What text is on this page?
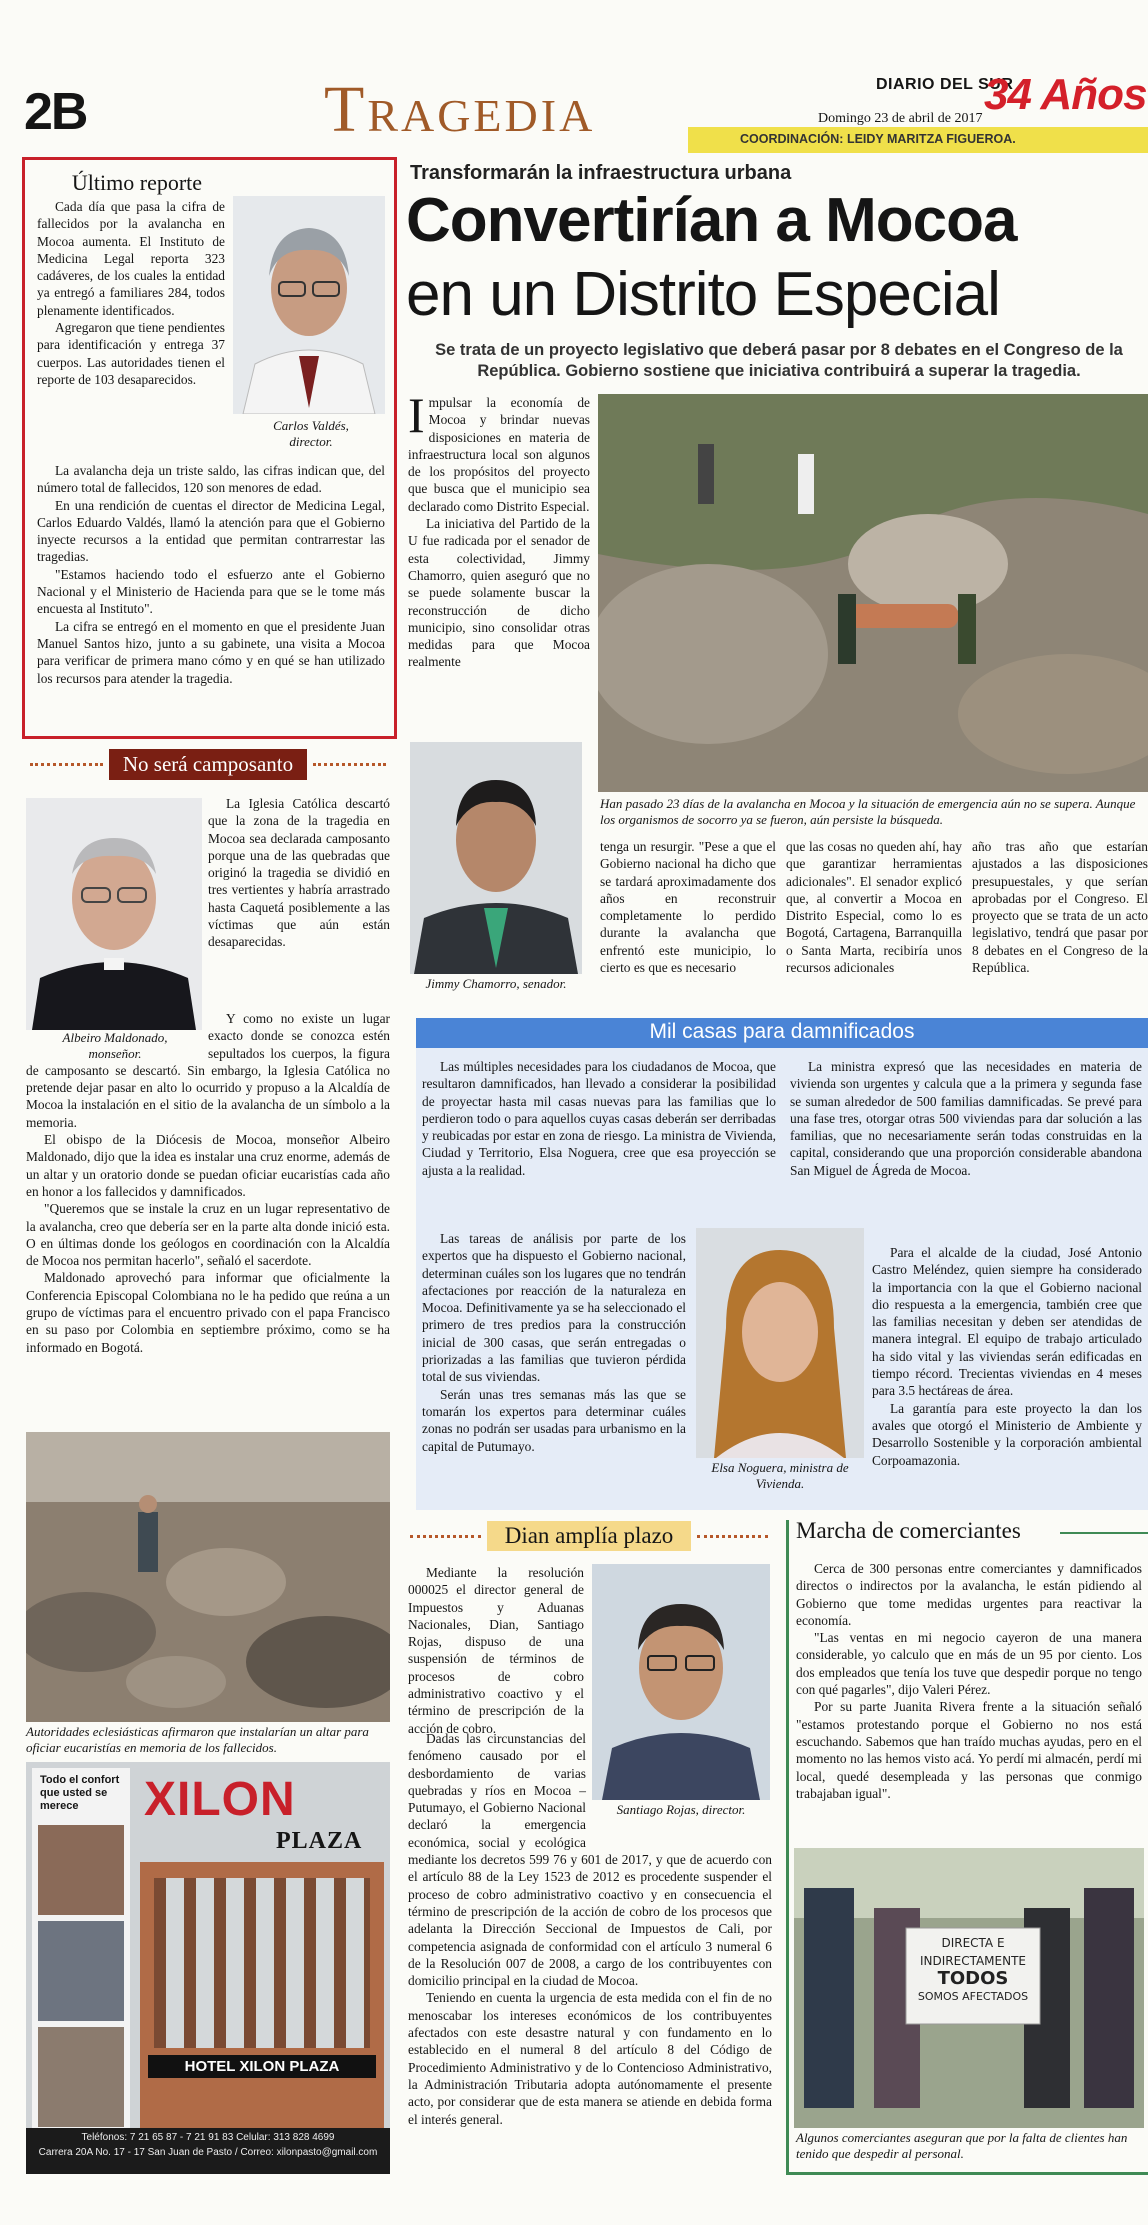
2B	Tragedia	DIARIO DEL SUR
34 Años
Domingo 23 de abril de 2017
COORDINACIÓN: LEIDY MARITZA FIGUEROA.
Último reporte
Carlos Valdés, director.

Cada día que pasa la cifra de fallecidos por la avalancha en Mocoa aumenta. El Instituto de Medicina Legal reporta 323 cadáveres, de los cuales la entidad ya entregó a familiares 284, todos plenamente identificados.

Agregaron que tiene pendientes para identificación y entrega 37 cuerpos. Las autoridades tienen el reporte de 103 desaparecidos.

La avalancha deja un triste saldo, las cifras indican que, del número total de fallecidos, 120 son menores de edad.

En una rendición de cuentas el director de Medicina Legal, Carlos Eduardo Valdés, llamó la atención para que el Gobierno inyecte recursos a la entidad que permitan contrarrestar las tragedias.

"Estamos haciendo todo el esfuerzo ante el Gobierno Nacional y el Ministerio de Hacienda para que se le tome más encuesta al Instituto".

La cifra se entregó en el momento en que el presidente Juan Manuel Santos hizo, junto a su gabinete, una visita a Mocoa para verificar de primera mano cómo y en qué se han utilizado los recursos para atender la tragedia.

No será camposanto
Albeiro Maldonado, monseñor.

La Iglesia Católica descartó que la zona de la tragedia en Mocoa sea declarada camposanto porque una de las quebradas que originó la tragedia se dividió en tres vertientes y habría arrastrado hasta Caquetá posiblemente a las víctimas que aún están desaparecidas.

Y como no existe un lugar exacto donde se conozca estén sepultados los cuerpos, la figura de camposanto se descartó. Sin embargo, la Iglesia Católica no pretende dejar pasar en alto lo ocurrido y propuso a la Alcaldía de Mocoa la instalación en el sitio de la avalancha de un símbolo a la memoria.

El obispo de la Diócesis de Mocoa, monseñor Albeiro Maldonado, dijo que la idea es instalar una cruz enorme, además de un altar y un oratorio donde se puedan oficiar eucaristías cada año en honor a los fallecidos y damnificados.

"Queremos que se instale la cruz en un lugar representativo de la avalancha, creo que debería ser en la parte alta donde inició esta. O en últimas donde los geólogos en coordinación con la Alcaldía de Mocoa nos permitan hacerlo", señaló el sacerdote.

Maldonado aprovechó para informar que oficialmente la Conferencia Episcopal Colombiana no le ha pedido que reúna a un grupo de víctimas para el encuentro privado con el papa Francisco en su paso por Colombia en septiembre próximo, como se ha informado en Bogotá.

Autoridades eclesiásticas afirmaron que instalarían un altar para oficiar eucaristías en memoria de los fallecidos.
Todo el confort que usted se merece	XILON
PLAZA
HOTEL XILON PLAZA
Teléfonos: 7 21 65 87 - 7 21 91 83 Celular: 313 828 4699
Carrera 20A No. 17 - 17 San Juan de Pasto / Correo: xilonpasto@gmail.com
Transformarán la infraestructura urbana
Convertirían a Mocoa
en un Distrito Especial
Se trata de un proyecto legislativo que deberá pasar por 8 debates en el Congreso de la República. Gobierno sostiene que iniciativa contribuirá a superar la tragedia.

Impulsar la economía de Mocoa y brindar nuevas disposiciones en materia de infraestructura local son algunos de los propósitos del proyecto que busca que el municipio sea declarado como Distrito Especial.

La iniciativa del Partido de la U fue radicada por el senador de esta colectividad, Jimmy Chamorro, quien aseguró que no se puede solamente buscar la reconstrucción de dicho municipio, sino consolidar otras medidas para que Mocoa realmente

Han pasado 23 días de la avalancha en Mocoa y la situación de emergencia aún no se supera. Aunque los organismos de socorro ya se fueron, aún persiste la búsqueda.
Jimmy Chamorro, senador.
tenga un resurgir. "Pese a que el Gobierno nacional ha dicho que se tardará aproximadamente dos años en reconstruir completamente lo perdido durante la avalancha que enfrentó este municipio, lo cierto es que es necesario
que las cosas no queden ahí, hay que garantizar herramientas adicionales". El senador explicó que, al convertir a Mocoa en Distrito Especial, como lo es Bogotá, Cartagena, Barranquilla o Santa Marta, recibiría unos recursos adicionales
año tras año que estarían ajustados a las disposiciones presupuestales, y que serían aprobadas por el Congreso. El proyecto que se trata de un acto legislativo, tendrá que pasar por 8 debates en el Congreso de la República.
Mil casas para damnificados

Las múltiples necesidades para los ciudadanos de Mocoa, que resultaron damnificados, han llevado a considerar la posibilidad de proyectar hasta mil casas nuevas para las familias que lo perdieron todo o para aquellos cuyas casas deberán ser derribadas y reubicadas por estar en zona de riesgo. La ministra de Vivienda, Ciudad y Territorio, Elsa Noguera, cree que esa proyección se ajusta a la realidad.

Las tareas de análisis por parte de los expertos que ha dispuesto el Gobierno nacional, determinan cuáles son los lugares que no tendrán afectaciones por reacción de la naturaleza en Mocoa. Definitivamente ya se ha seleccionado el primero de tres predios para la construcción inicial de 300 casas, que serán entregadas o priorizadas a las familias que tuvieron pérdida total de sus viviendas.

Serán unas tres semanas más las que se tomarán los expertos para determinar cuáles zonas no podrán ser usadas para urbanismo en la capital de Putumayo.

Elsa Noguera, ministra de Vivienda.

La ministra expresó que las necesidades en materia de vivienda son urgentes y calcula que a la primera y segunda fase se suman alrededor de 500 familias damnificadas. Se prevé para una fase tres, otorgar otras 500 viviendas para dar solución a las familias, que no necesariamente serán todas construidas en la capital, considerando que una proporción considerable abandona San Miguel de Ágreda de Mocoa.

Para el alcalde de la ciudad, José Antonio Castro Meléndez, quien siempre ha considerado la importancia con la que el Gobierno nacional dio respuesta a la emergencia, también cree que las familias necesitan y deben ser atendidas de manera integral. El equipo de trabajo articulado ha sido vital y las viviendas serán edificadas en tiempo récord. Trecientas viviendas en 4 meses para 3.5 hectáreas de área.

La garantía para este proyecto la dan los avales que otorgó el Ministerio de Ambiente y Desarrollo Sostenible y la corporación ambiental Corpoamazonia.

Dian amplía plazo

Mediante la resolución 000025 el director general de Impuestos y Aduanas Nacionales, Dian, Santiago Rojas, dispuso de una suspensión de términos de procesos de cobro administrativo coactivo y el término de prescripción de la acción de cobro.

Santiago Rojas, director.

Dadas las circunstancias del fenómeno causado por el desbordamiento de varias quebradas y ríos en Mocoa – Putumayo, el Gobierno Nacional declaró la emergencia económica, social y ecológica mediante los decretos 599 76 y 601 de 2017, y que de acuerdo con el artículo 88 de la Ley 1523 de 2012 es procedente suspender el proceso de cobro administrativo coactivo y en consecuencia el término de prescripción de la acción de cobro de los procesos que adelanta la Dirección Seccional de Impuestos de Cali, por competencia asignada de conformidad con el artículo 3 numeral 6 de la Resolución 007 de 2008, a cargo de los contribuyentes con domicilio principal en la ciudad de Mocoa.

Teniendo en cuenta la urgencia de esta medida con el fin de no menoscabar los intereses económicos de los contribuyentes afectados con este desastre natural y con fundamento en lo establecido en el numeral 8 del artículo 8 del Código de Procedimiento Administrativo y de lo Contencioso Administrativo, la Administración Tributaria adopta autónomamente el presente acto, por considerar que de esta manera se atiende en debida forma el interés general.

Marcha de comerciantes

Cerca de 300 personas entre comerciantes y damnificados directos o indirectos por la avalancha, le están pidiendo al Gobierno que tome medidas urgentes para reactivar la economía.

"Las ventas en mi negocio cayeron de una manera considerable, yo calculo que en más de un 95 por ciento. Los dos empleados que tenía los tuve que despedir porque no tengo con qué pagarles", dijo Valeri Pérez.

Por su parte Juanita Rivera frente a la situación señaló "estamos protestando porque el Gobierno no nos está escuchando. Sabemos que han traído muchas ayudas, pero en el momento no las hemos visto acá. Yo perdí mi almacén, perdí mi local, quedé desempleada y las personas que conmigo trabajaban igual".

DIRECTA E
INDIRECTAMENTE
TODOS
SOMOS AFECTADOS
Algunos comerciantes aseguran que por la falta de clientes han tenido que despedir al personal.
